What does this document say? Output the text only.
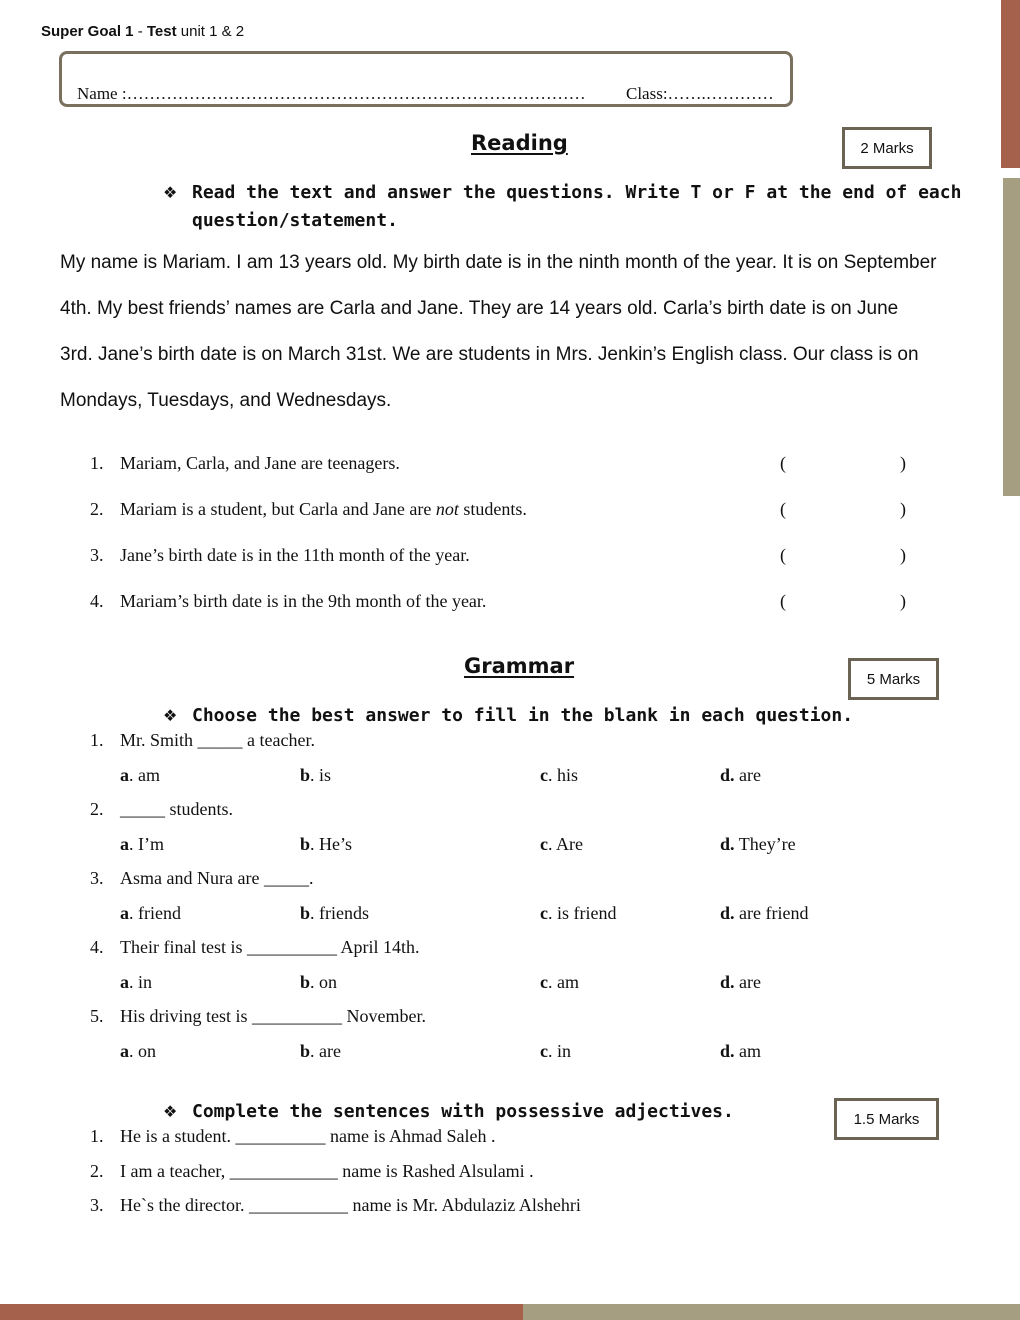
Super Goal 1 - Test unit 1 & 2
Name :……………………………………………………………………… Class:…….…………
Reading	2 Marks
❖ Read the text and answer the questions. Write T or F at the end of each
question/statement.
My name is Mariam. I am 13 years old. My birth date is in the ninth month of the year. It is on September
4th. My best friends’ names are Carla and Jane. They are 14 years old. Carla’s birth date is on June
3rd. Jane’s birth date is on March 31st. We are students in Mrs. Jenkin’s English class. Our class is on
Mondays, Tuesdays, and Wednesdays.
1. Mariam, Carla, and Jane are teenagers.	(	)
2. Mariam is a student, but Carla and Jane are not students.	(	)
3. Jane’s birth date is in the 11th month of the year.	(	)
4. Mariam’s birth date is in the 9th month of the year.	(	)
Grammar
5 Marks
❖ Choose the best answer to fill in the blank in each question.
1. Mr. Smith _____ a teacher.
a. am	b. is	c. his	d. are
2. _____ students.
a. I’m	b. He’s	c. Are	d. They’re
3. Asma and Nura are _____.
a. friend	b. friends	c. is friend	d. are friend
4. Their final test is __________ April 14th.
a. in	b. on	c. am	d. are
5. His driving test is __________ November.
a. on	b. are	c. in	d. am
❖ Complete the sentences with possessive adjectives.	1.5 Marks
1. He is a student. __________ name is Ahmad Saleh .
2. I am a teacher, ____________ name is Rashed Alsulami .
3. He`s the director. ___________ name is Mr. Abdulaziz Alshehri
